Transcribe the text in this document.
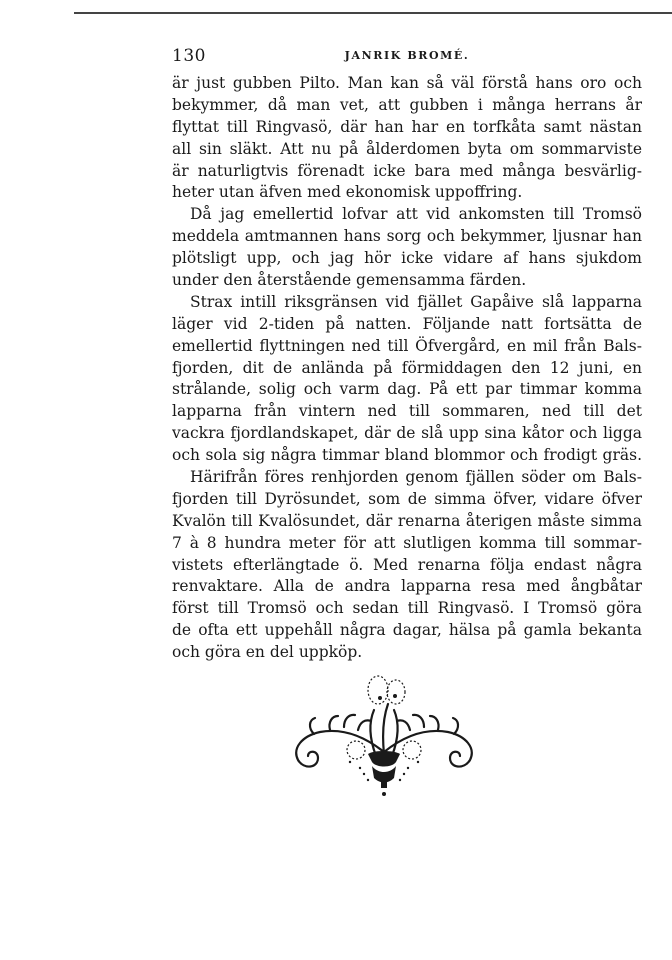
130	JANRIK BROMÉ.
är just gubben Pilto. Man kan så väl förstå hans oro och
bekymmer, då man vet, att gubben i många herrans år
flyttat till Ringvasö, där han har en torfkåta samt nästan
all sin släkt. Att nu på ålderdomen byta om sommarviste
är naturligtvis förenadt icke bara med många besvärlig-
heter utan äfven med ekonomisk uppoffring.
Då jag emellertid lofvar att vid ankomsten till Tromsö
meddela amtmannen hans sorg och bekymmer, ljusnar han
plötsligt upp, och jag hör icke vidare af hans sjukdom
under den återstående gemensamma färden.
Strax intill riksgränsen vid fjället Gapåive slå lapparna
läger vid 2-tiden på natten. Följande natt fortsätta de
emellertid flyttningen ned till Öfvergård, en mil från Bals-
fjorden, dit de anlända på förmiddagen den 12 juni, en
strålande, solig och varm dag. På ett par timmar komma
lapparna från vintern ned till sommaren, ned till det
vackra fjordlandskapet, där de slå upp sina kåtor och ligga
och sola sig några timmar bland blommor och frodigt gräs.
Härifrån föres renhjorden genom fjällen söder om Bals-
fjorden till Dyrösundet, som de simma öfver, vidare öfver
Kvalön till Kvalösundet, där renarna återigen måste simma
7 à 8 hundra meter för att slutligen komma till sommar-
vistets efterlängtade ö. Med renarna följa endast några
renvaktare. Alla de andra lapparna resa med ångbåtar
först till Tromsö och sedan till Ringvasö. I Tromsö göra
de ofta ett uppehåll några dagar, hälsa på gamla bekanta
och göra en del uppköp.
